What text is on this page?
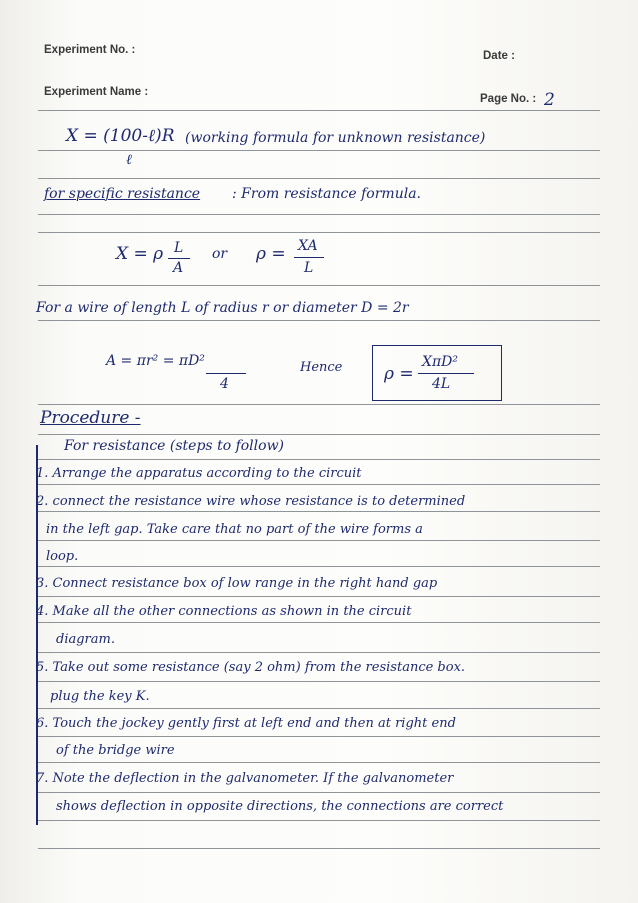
Experiment No. :
Experiment Name :
Date :
Page No. : 2
X = (100-ℓ)R
ℓ
(working formula for unknown resistance)
for specific resistance : From resistance formula.
X = ρ L
A
or ρ = XA
L
For a wire of length L of radius r or diameter D = 2r
A = πr² = πD²
4
Hence ρ =
XπD²
4L
Procedure -
For resistance (steps to follow)
1. Arrange the apparatus according to the circuit
2. connect the resistance wire whose resistance is to determined
in the left gap. Take care that no part of the wire forms a
loop.
3. Connect resistance box of low range in the right hand gap
4. Make all the other connections as shown in the circuit
diagram.
5. Take out some resistance (say 2 ohm) from the resistance box.
plug the key K.
6. Touch the jockey gently first at left end and then at right end
of the bridge wire
7. Note the deflection in the galvanometer. If the galvanometer
shows deflection in opposite directions, the connections are correct
